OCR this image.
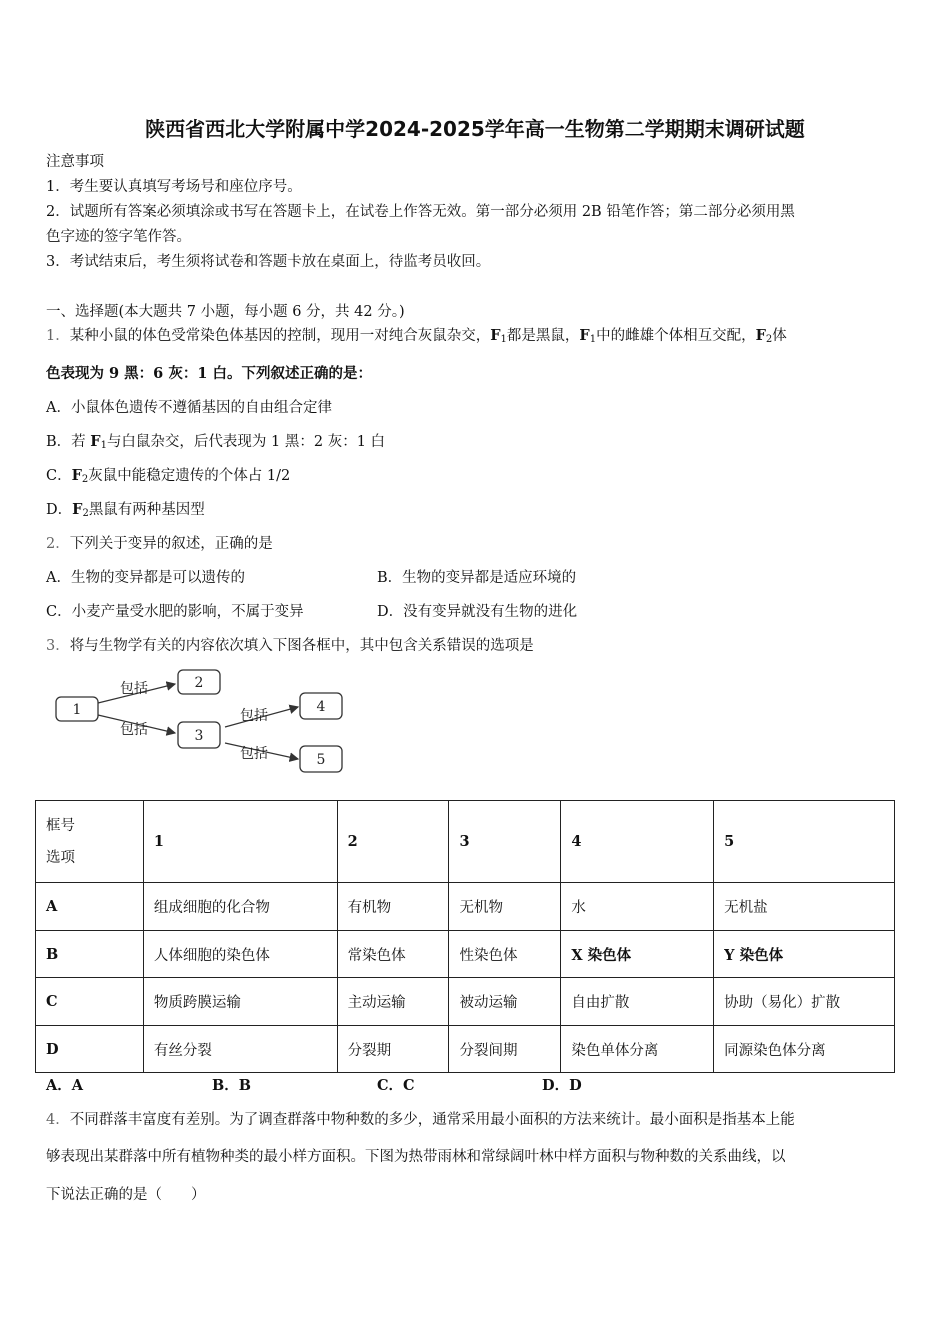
陕西省西北大学附属中学2024-2025学年高一生物第二学期期末调研试题
注意事项
1．考生要认真填写考场号和座位序号。
2．试题所有答案必须填涂或书写在答题卡上，在试卷上作答无效。第一部分必须用 2B 铅笔作答；第二部分必须用黑
色字迹的签字笔作答。
3．考试结束后，考生须将试卷和答题卡放在桌面上，待监考员收回。
一、选择题(本大题共 7 小题，每小题 6 分，共 42 分。)
1．某种小鼠的体色受常染色体基因的控制，现用一对纯合灰鼠杂交，$F_1$都是黑鼠，$F_1$中的雌雄个体相互交配，$F_2$体
色表现为 9 黑：6 灰：1 白。下列叙述正确的是：
A．小鼠体色遗传不遵循基因的自由组合定律
B．若 $F_1$与白鼠杂交，后代表现为 1 黑：2 灰：1 白
C．$F_2$灰鼠中能稳定遗传的个体占 1/2
D．$F_2$黑鼠有两种基因型
2．下列关于变异的叙述，正确的是
A．生物的变异都是可以遗传的	B．生物的变异都是适应环境的
C．小麦产量受水肥的影响，不属于变异	D．没有变异就没有生物的进化
3．将与生物学有关的内容依次填入下图各框中，其中包含关系错误的选项是
包括
包括
包括
包括
1
2
3
4
5
框号
选项	1	2	3	4	5
A	组成细胞的化合物	有机物	无机物	水	无机盐
B	人体细胞的染色体	常染色体	性染色体	X 染色体	Y 染色体
C	物质跨膜运输	主动运输	被动运输	自由扩散	协助（易化）扩散
D	有丝分裂	分裂期	分裂间期	染色单体分离	同源染色体分离
A．A	B．B	C．C	D．D
4．不同群落丰富度有差别。为了调查群落中物种数的多少，通常采用最小面积的方法来统计。最小面积是指基本上能
够表现出某群落中所有植物种类的最小样方面积。下图为热带雨林和常绿阔叶林中样方面积与物种数的关系曲线，以
下说法正确的是（　　）
